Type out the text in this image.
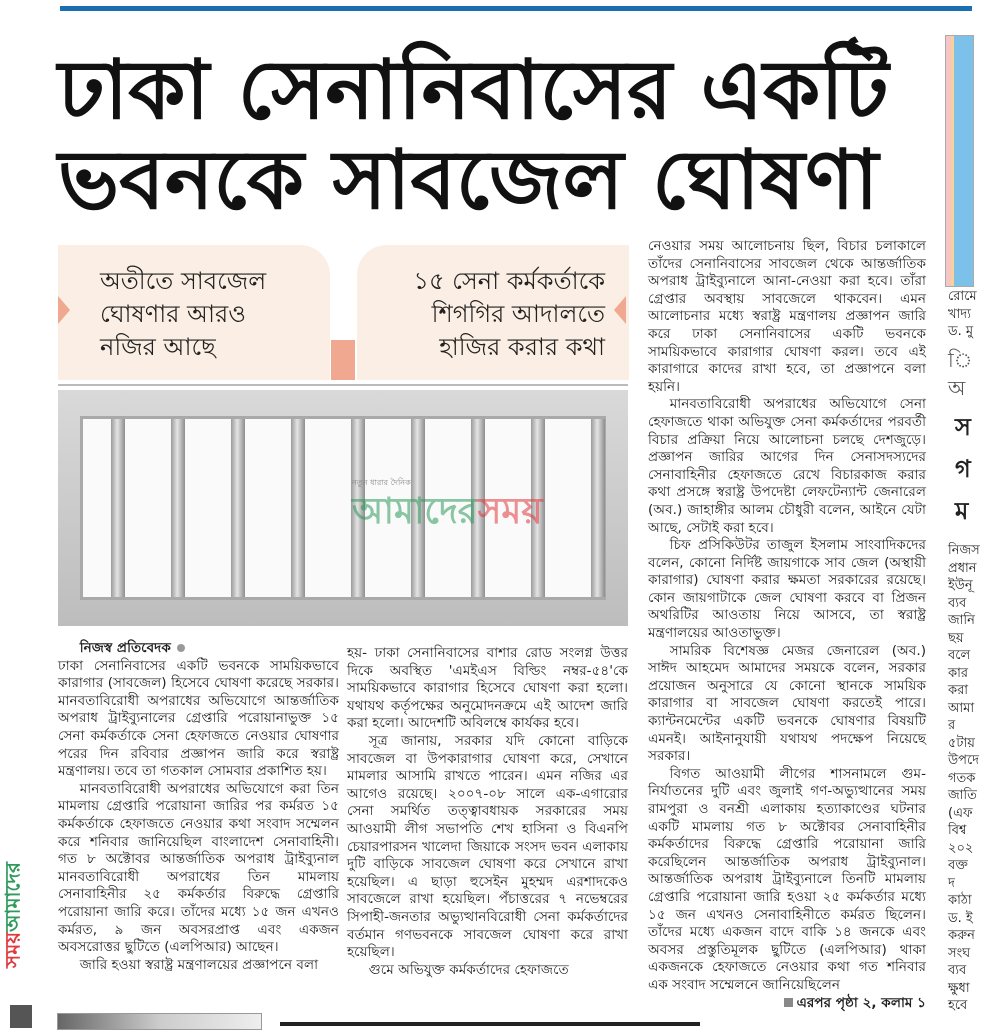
ঢাকা সেনানিবাসের একটি
ভবনকে সাবজেল ঘোষণা
অতীতে সাবজেল
ঘোষণার আরও
নজির আছে
১৫ সেনা কর্মকর্তাকে
শিগগির আদালতে
হাজির করার কথা
নতুন ধারার দৈনিক
আমাদেরসময়

নিজস্ব প্রতিবেদক

ঢাকা সেনানিবাসের একটি ভবনকে সাময়িকভাবে কারাগার (সাবজেল) হিসেবে ঘোষণা করেছে সরকার। মানবতাবিরোধী অপরাধের অভিযোগে আন্তর্জাতিক অপরাধ ট্রাইব্যুনালের গ্রেপ্তারি পরোয়ানাভুক্ত ১৫ সেনা কর্মকর্তাকে সেনা হেফাজতে নেওয়ার ঘোষণার পরের দিন রবিবার প্রজ্ঞাপন জারি করে স্বরাষ্ট্র মন্ত্রণালয়। তবে তা গতকাল সোমবার প্রকাশিত হয়।

মানবতাবিরোধী অপরাধের অভিযোগে করা তিন মামলায় গ্রেপ্তারি পরোয়ানা জারির পর কর্মরত ১৫ কর্মকর্তাকে হেফাজতে নেওয়ার কথা সংবাদ সম্মেলন করে শনিবার জানিয়েছিল বাংলাদেশ সেনাবাহিনী। গত ৮ অক্টোবর আন্তর্জাতিক অপরাধ ট্রাইব্যুনাল মানবতাবিরোধী অপরাধের তিন মামলায় সেনাবাহিনীর ২৫ কর্মকর্তার বিরুদ্ধে গ্রেপ্তারি পরোয়ানা জারি করে। তাঁদের মধ্যে ১৫ জন এখনও কর্মরত, ৯ জন অবসরপ্রাপ্ত এবং একজন অবসরোত্তর ছুটিতে (এলপিআর) আছেন।

জারি হওয়া স্বরাষ্ট্র মন্ত্রণালয়ের প্রজ্ঞাপনে বলা

হয়- ঢাকা সেনানিবাসের বাশার রোড সংলগ্ন উত্তর দিকে অবস্থিত 'এমইএস বিল্ডিং নম্বর-৫৪'কে সাময়িকভাবে কারাগার হিসেবে ঘোষণা করা হলো। যথাযথ কর্তৃপক্ষের অনুমোদনক্রমে এই আদেশ জারি করা হলো। আদেশটি অবিলম্বে কার্যকর হবে।

সূত্র জানায়, সরকার যদি কোনো বাড়িকে সাবজেল বা উপকারাগার ঘোষণা করে, সেখানে মামলার আসামি রাখতে পারেন। এমন নজির এর আগেও রয়েছে। ২০০৭-০৮ সালে এক-এগারোর সেনা সমর্থিত তত্ত্বাবধায়ক সরকারের সময় আওয়ামী লীগ সভাপতি শেখ হাসিনা ও বিএনপি চেয়ারপারসন খালেদা জিয়াকে সংসদ ভবন এলাকায় দুটি বাড়িকে সাবজেল ঘোষণা করে সেখানে রাখা হয়েছিল। এ ছাড়া হুসেইন মুহম্মদ এরশাদকেও সাবজেলে রাখা হয়েছিল। পঁচাত্তরের ৭ নভেম্বরের সিপাহী-জনতার অভ্যুত্থানবিরোধী সেনা কর্মকর্তাদের বর্তমান গণভবনকে সাবজেল ঘোষণা করে রাখা হয়েছিল।

গুমে অভিযুক্ত কর্মকর্তাদের হেফাজতে

নেওয়ার সময় আলোচনায় ছিল, বিচার চলাকালে তাঁদের সেনানিবাসের সাবজেল থেকে আন্তর্জাতিক অপরাধ ট্রাইব্যুনালে আনা-নেওয়া করা হবে। তাঁরা গ্রেপ্তার অবস্থায় সাবজেলে থাকবেন। এমন আলোচনার মধ্যে স্বরাষ্ট্র মন্ত্রণালয় প্রজ্ঞাপন জারি করে ঢাকা সেনানিবাসের একটি ভবনকে সাময়িকভাবে কারাগার ঘোষণা করল। তবে এই কারাগারে কাদের রাখা হবে, তা প্রজ্ঞাপনে বলা হয়নি।

মানবতাবিরোধী অপরাধের অভিযোগে সেনা হেফাজতে থাকা অভিযুক্ত সেনা কর্মকর্তাদের পরবর্তী বিচার প্রক্রিয়া নিয়ে আলোচনা চলছে দেশজুড়ে। প্রজ্ঞাপন জারির আগের দিন সেনাসদস্যদের সেনাবাহিনীর হেফাজতে রেখে বিচারকাজ করার কথা প্রসঙ্গে স্বরাষ্ট্র উপদেষ্টা লেফটেন্যান্ট জেনারেল (অব.) জাহাঙ্গীর আলম চৌধুরী বলেন, আইনে যেটা আছে, সেটাই করা হবে।

চিফ প্রসিকিউটর তাজুল ইসলাম সাংবাদিকদের বলেন, কোনো নির্দিষ্ট জায়গাকে সাব জেল (অস্থায়ী কারাগার) ঘোষণা করার ক্ষমতা সরকারের রয়েছে। কোন জায়গাটাকে জেল ঘোষণা করবে বা প্রিজন অথরিটির আওতায় নিয়ে আসবে, তা স্বরাষ্ট্র মন্ত্রণালয়ের আওতাভুক্ত।

সামরিক বিশেষজ্ঞ মেজর জেনারেল (অব.) সাঈদ আহমেদ আমাদের সময়কে বলেন, সরকার প্রয়োজন অনুসারে যে কোনো স্থানকে সাময়িক কারাগার বা সাবজেল ঘোষণা করতেই পারে। ক্যান্টনমেন্টের একটি ভবনকে ঘোষণার বিষয়টি এমনই। আইনানুযায়ী যথাযথ পদক্ষেপ নিয়েছে সরকার।

বিগত আওয়ামী লীগের শাসনামলে গুম-নির্যাতনের দুটি এবং জুলাই গণ-অভ্যুত্থানের সময় রামপুরা ও বনশ্রী এলাকায় হত্যাকাণ্ডের ঘটনার একটি মামলায় গত ৮ অক্টোবর সেনাবাহিনীর কর্মকর্তাদের বিরুদ্ধে গ্রেপ্তারি পরোয়ানা জারি করেছিলেন আন্তর্জাতিক অপরাধ ট্রাইব্যুনাল। আন্তর্জাতিক অপরাধ ট্রাইব্যুনালে তিনটি মামলায় গ্রেপ্তারি পরোয়ানা জারি হওয়া ২৫ কর্মকর্তার মধ্যে ১৫ জন এখনও সেনাবাহিনীতে কর্মরত ছিলেন। তাঁদের মধ্যে একজন বাদে বাকি ১৪ জনকে এবং অবসর প্রস্তুতিমূলক ছুটিতে (এলপিআর) থাকা একজনকে হেফাজতে নেওয়ার কথা গত শনিবার এক সংবাদ সম্মেলনে জানিয়েছিলেন
এরপর পৃষ্ঠা ২, কলাম ১

রোমে
খাদ্য
ড. মু
ি
অ
স
গ
ম
নিজস
প্রধান
ইউনূ
ব্যব
জানি
ছয়
বলে
কার
করা
আমা
র
৫টায়
উপদে
গতক
জাতি
(এফ
বিশ্ব
২০২
বক্ত
দ
কাঠা
ড. ই
করুন
সংঘ
ব্যব
ক্ষুধা
হবে
সময়আমাদের
